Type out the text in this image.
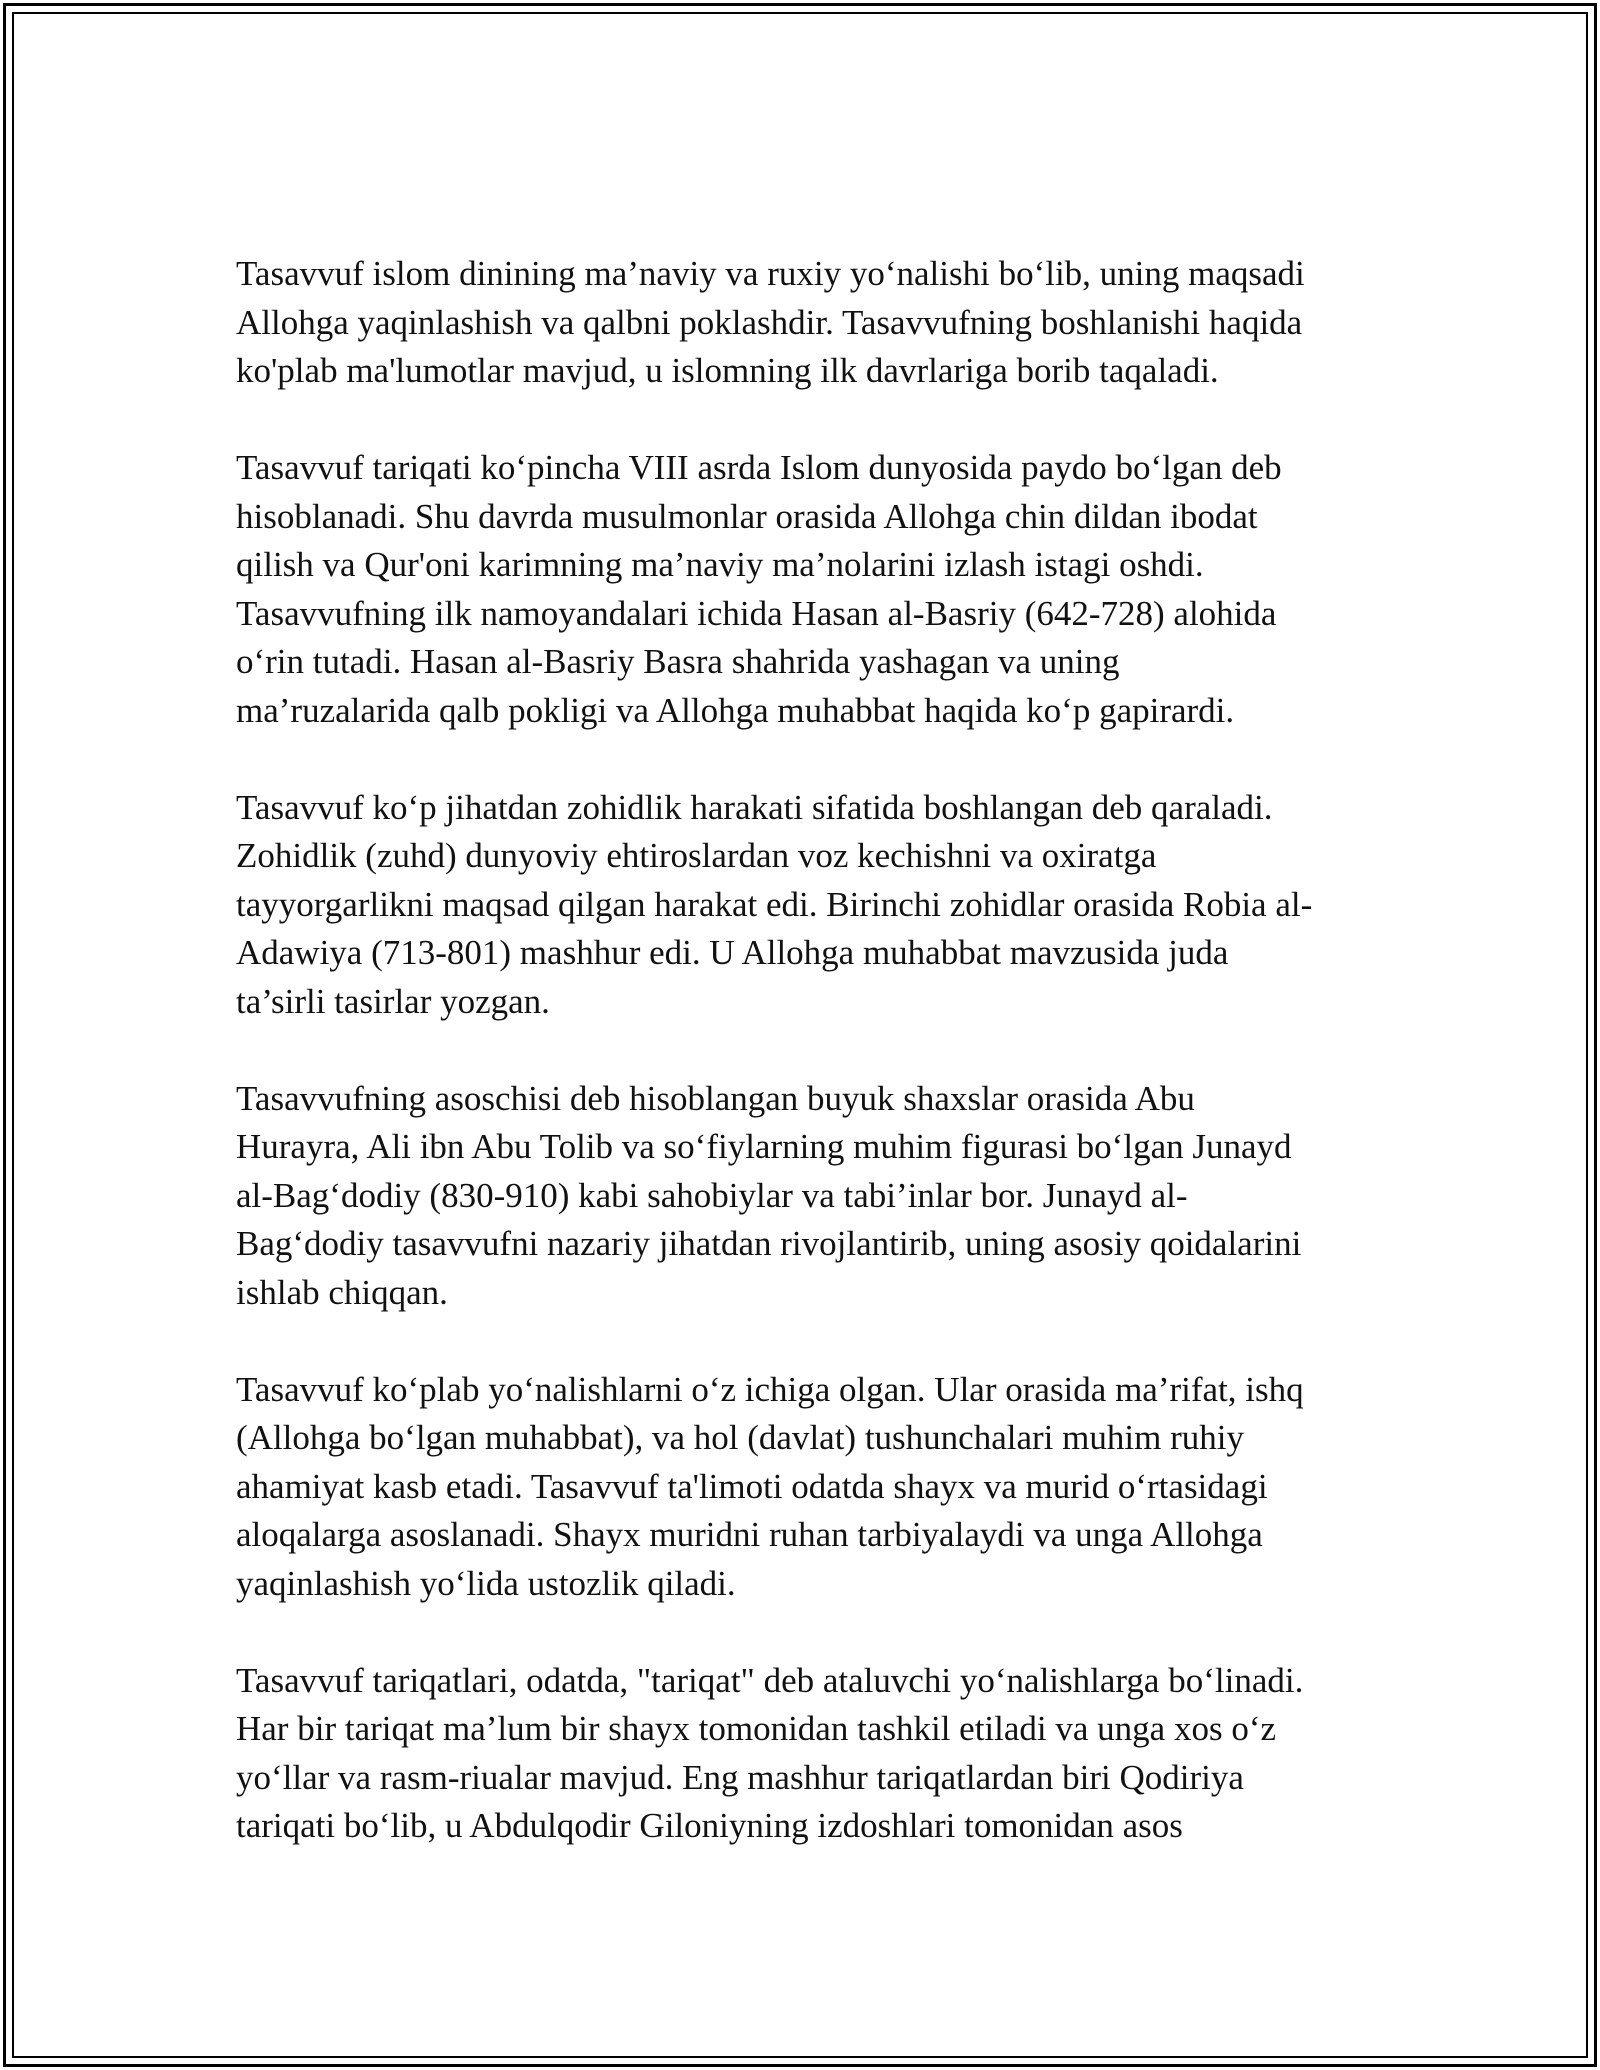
Tasavvuf islom dinining ma’naviy va ruxiy yo‘nalishi bo‘lib, uning maqsadi
Allohga yaqinlashish va qalbni poklashdir. Tasavvufning boshlanishi haqida
ko'plab ma'lumotlar mavjud, u islomning ilk davrlariga borib taqaladi.

Tasavvuf tariqati ko‘pincha VIII asrda Islom dunyosida paydo bo‘lgan deb
hisoblanadi. Shu davrda musulmonlar orasida Allohga chin dildan ibodat
qilish va Qur'oni karimning ma’naviy ma’nolarini izlash istagi oshdi.
Tasavvufning ilk namoyandalari ichida Hasan al-Basriy (642-728) alohida
o‘rin tutadi. Hasan al-Basriy Basra shahrida yashagan va uning
ma’ruzalarida qalb pokligi va Allohga muhabbat haqida ko‘p gapirardi.

Tasavvuf ko‘p jihatdan zohidlik harakati sifatida boshlangan deb qaraladi.
Zohidlik (zuhd) dunyoviy ehtiroslardan voz kechishni va oxiratga
tayyorgarlikni maqsad qilgan harakat edi. Birinchi zohidlar orasida Robia al-
Adawiya (713-801) mashhur edi. U Allohga muhabbat mavzusida juda
ta’sirli tasirlar yozgan.

Tasavvufning asoschisi deb hisoblangan buyuk shaxslar orasida Abu
Hurayra, Ali ibn Abu Tolib va so‘fiylarning muhim figurasi bo‘lgan Junayd
al-Bag‘dodiy (830-910) kabi sahobiylar va tabi’inlar bor. Junayd al-
Bag‘dodiy tasavvufni nazariy jihatdan rivojlantirib, uning asosiy qoidalarini
ishlab chiqqan.

Tasavvuf ko‘plab yo‘nalishlarni o‘z ichiga olgan. Ular orasida ma’rifat, ishq
(Allohga bo‘lgan muhabbat), va hol (davlat) tushunchalari muhim ruhiy
ahamiyat kasb etadi. Tasavvuf ta'limoti odatda shayx va murid o‘rtasidagi
aloqalarga asoslanadi. Shayx muridni ruhan tarbiyalaydi va unga Allohga
yaqinlashish yo‘lida ustozlik qiladi.

Tasavvuf tariqatlari, odatda, "tariqat" deb ataluvchi yo‘nalishlarga bo‘linadi.
Har bir tariqat ma’lum bir shayx tomonidan tashkil etiladi va unga xos o‘z
yo‘llar va rasm-riualar mavjud. Eng mashhur tariqatlardan biri Qodiriya
tariqati bo‘lib, u Abdulqodir Giloniyning izdoshlari tomonidan asos
